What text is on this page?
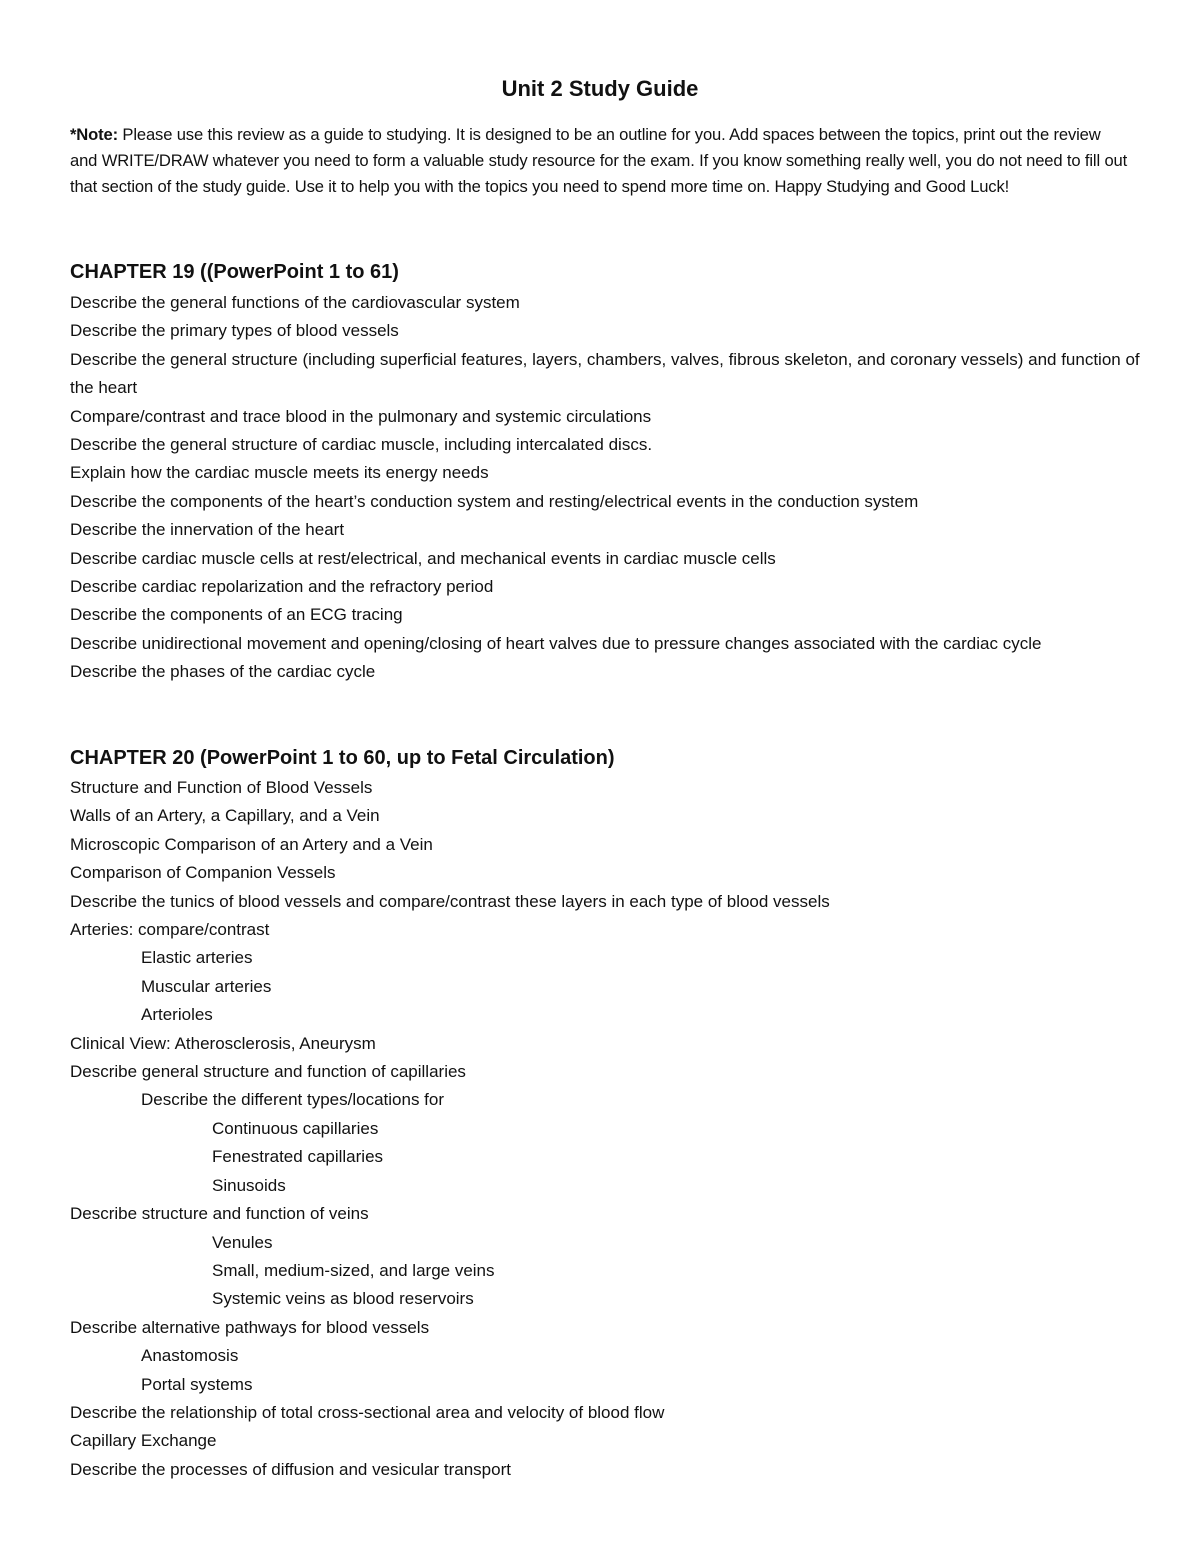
Unit 2 Study Guide
*Note: Please use this review as a guide to studying. It is designed to be an outline for you. Add spaces between the topics, print out the review and WRITE/DRAW whatever you need to form a valuable study resource for the exam. If you know something really well, you do not need to fill out that section of the study guide. Use it to help you with the topics you need to spend more time on. Happy Studying and Good Luck!
CHAPTER 19 ((PowerPoint 1 to 61)
Describe the general functions of the cardiovascular system
Describe the primary types of blood vessels
Describe the general structure (including superficial features, layers, chambers, valves, fibrous skeleton, and coronary vessels) and function of the heart
Compare/contrast and trace blood in the pulmonary and systemic circulations
Describe the general structure of cardiac muscle, including intercalated discs.
Explain how the cardiac muscle meets its energy needs
Describe the components of the heart’s conduction system and resting/electrical events in the conduction system
Describe the innervation of the heart
Describe cardiac muscle cells at rest/electrical, and mechanical events in cardiac muscle cells
Describe cardiac repolarization and the refractory period
Describe the components of an ECG tracing
Describe unidirectional movement and opening/closing of heart valves due to pressure changes associated with the cardiac cycle
Describe the phases of the cardiac cycle
CHAPTER 20 (PowerPoint 1 to 60, up to Fetal Circulation)
Structure and Function of Blood Vessels
Walls of an Artery, a Capillary, and a Vein
Microscopic Comparison of an Artery and a Vein
Comparison of Companion Vessels
Describe the tunics of blood vessels and compare/contrast these layers in each type of blood vessels
Arteries: compare/contrast
Elastic arteries
Muscular arteries
Arterioles
Clinical View: Atherosclerosis, Aneurysm
Describe general structure and function of capillaries
Describe the different types/locations for
Continuous capillaries
Fenestrated capillaries
Sinusoids
Describe structure and function of veins
Venules
Small, medium-sized, and large veins
Systemic veins as blood reservoirs
Describe alternative pathways for blood vessels
Anastomosis
Portal systems
Describe the relationship of total cross-sectional area and velocity of blood flow
Capillary Exchange
Describe the processes of diffusion and vesicular transport
